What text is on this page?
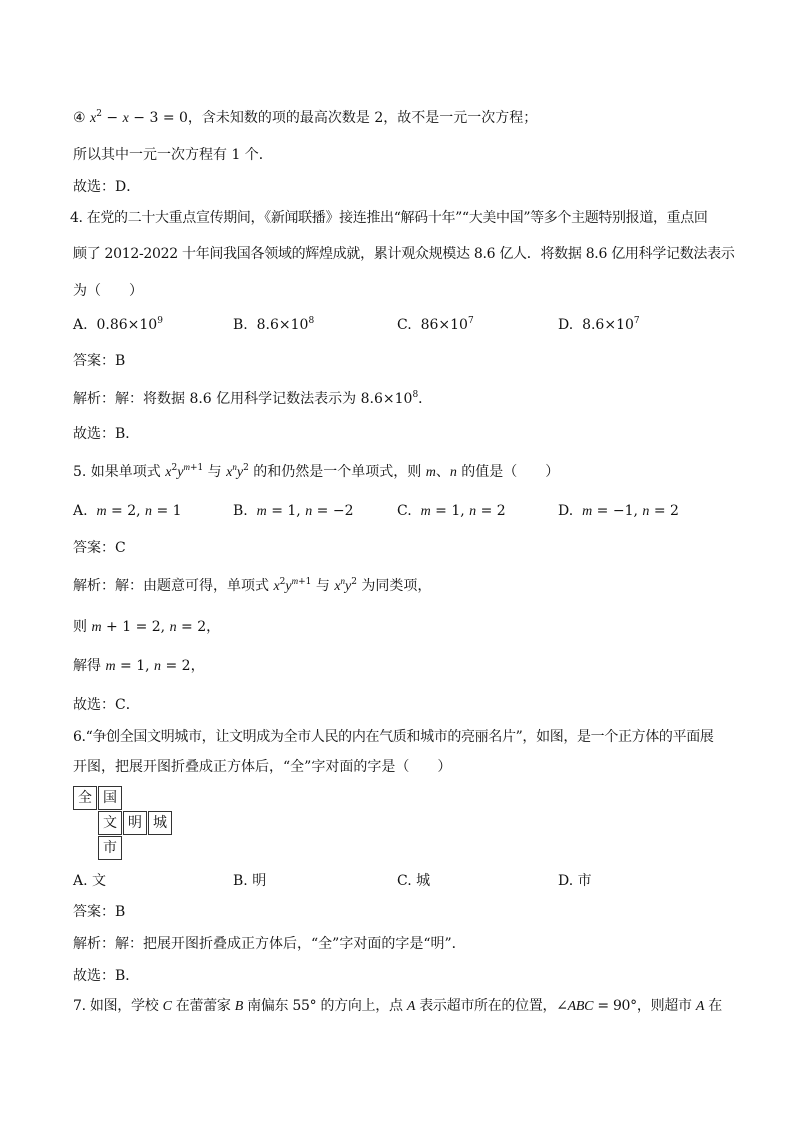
④ $x^2 - x - 3 = 0$，含未知数的项的最高次数是 2，故不是一元一次方程；
所以其中一元一次方程有 1 个．
故选：D．
4. 在党的二十大重点宣传期间，《新闻联播》接连推出“解码十年”“大美中国”等多个主题特别报道，重点回
顾了 2012-2022 十年间我国各领域的辉煌成就，累计观众规模达 8.6 亿人．将数据 8.6 亿用科学记数法表示
为（　　）
A.  $0.86\times 10^9$	B.  $8.6\times 10^8$	C.  $86\times 10^7$	D.  $8.6\times 10^7$
答案：B
解析：解：将数据 8.6 亿用科学记数法表示为 $8.6\times 10^8$．
故选：B．
5. 如果单项式 $x^2y^{m+1}$ 与 $x^ny^2$ 的和仍然是一个单项式，则 m、n 的值是（　　）
A.  m = 2, n = 1	B.  m = 1, n = −2	C.  m = 1, n = 2	D.  m = −1, n = 2
答案：C
解析：解：由题意可得，单项式 $x^2y^{m+1}$ 与 $x^ny^2$ 为同类项，
则 m + 1 = 2, n = 2，
解得 m = 1, n = 2，
故选：C．
6.“争创全国文明城市，让文明成为全市人民的内在气质和城市的亮丽名片”，如图，是一个正方体的平面展
开图，把展开图折叠成正方体后，“全”字对面的字是（　　）
全 国
文 明 城
市
A. 文	B. 明	C. 城	D. 市
答案：B
解析：解：把展开图折叠成正方体后，“全”字对面的字是“明”．
故选：B．
7. 如图，学校 C 在蕾蕾家 B 南偏东 55° 的方向上，点 A 表示超市所在的位置，∠ABC = 90°，则超市 A 在
